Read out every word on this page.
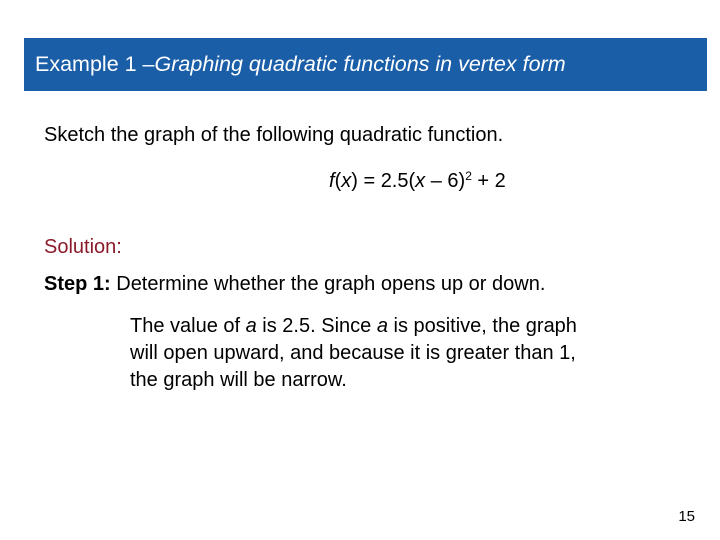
Example 1 – Graphing quadratic functions in vertex form
Sketch the graph of the following quadratic function.
f(x) = 2.5(x – 6)$^2$ + 2
Solution:
Step 1: Determine whether the graph opens up or down.
The value of a is 2.5. Since a is positive, the graph
will open upward, and because it is greater than 1,
the graph will be narrow.
15
